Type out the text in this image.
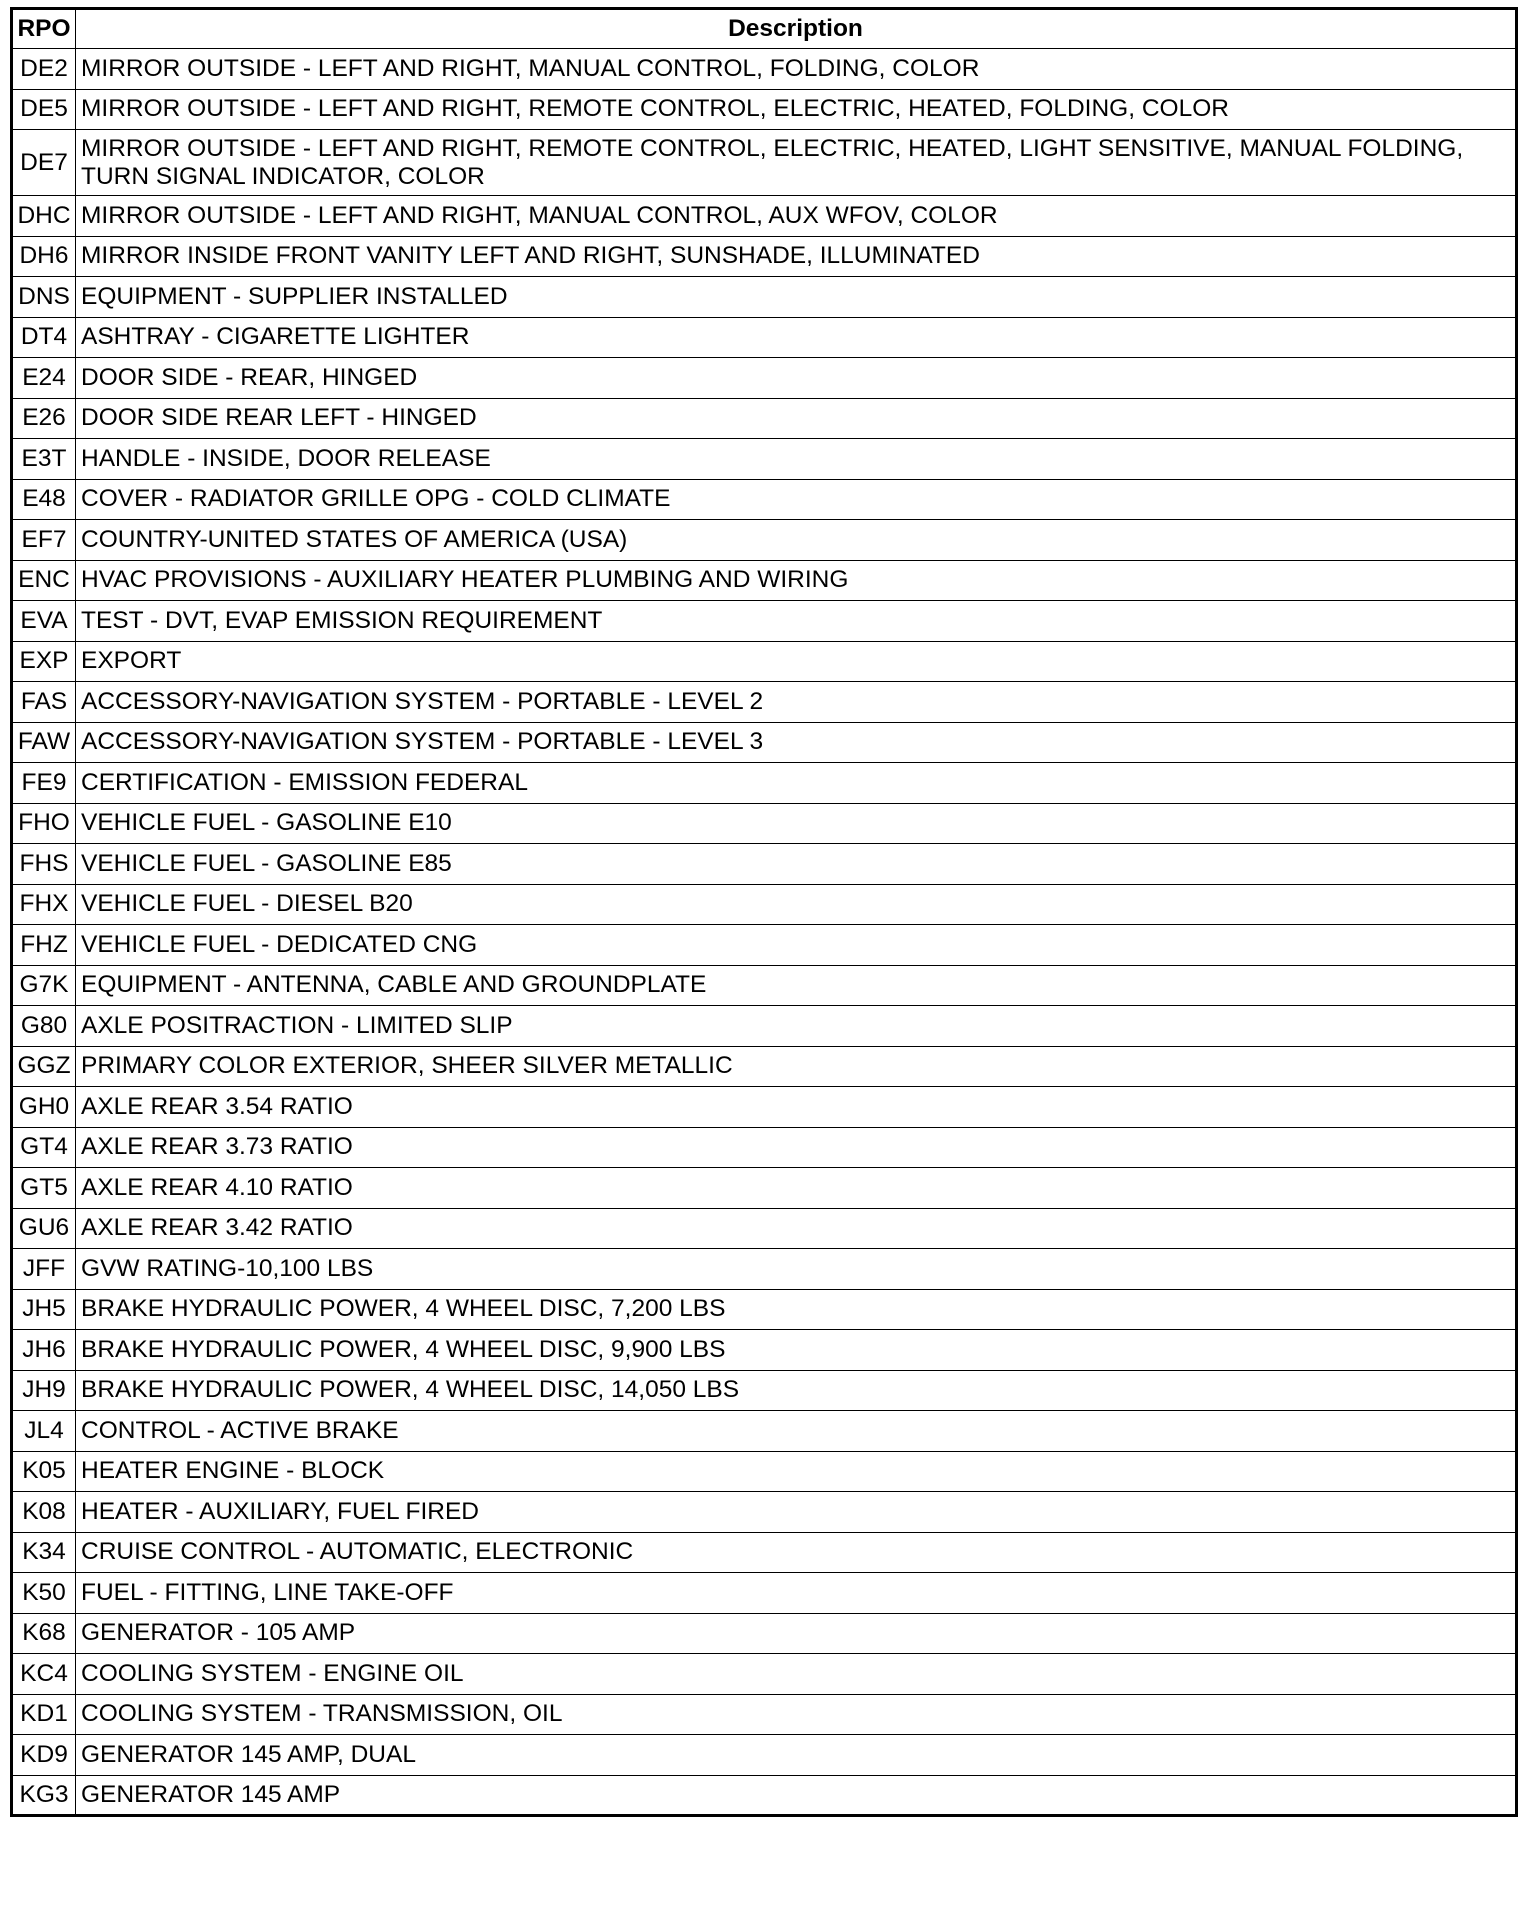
RPO	Description
DE2	MIRROR OUTSIDE - LEFT AND RIGHT, MANUAL CONTROL, FOLDING, COLOR
DE5	MIRROR OUTSIDE - LEFT AND RIGHT, REMOTE CONTROL, ELECTRIC, HEATED, FOLDING, COLOR
DE7	MIRROR OUTSIDE - LEFT AND RIGHT, REMOTE CONTROL, ELECTRIC, HEATED, LIGHT SENSITIVE, MANUAL FOLDING, TURN SIGNAL INDICATOR, COLOR
DHC	MIRROR OUTSIDE - LEFT AND RIGHT, MANUAL CONTROL, AUX WFOV, COLOR
DH6	MIRROR INSIDE FRONT VANITY LEFT AND RIGHT, SUNSHADE, ILLUMINATED
DNS	EQUIPMENT - SUPPLIER INSTALLED
DT4	ASHTRAY - CIGARETTE LIGHTER
E24	DOOR SIDE - REAR, HINGED
E26	DOOR SIDE REAR LEFT - HINGED
E3T	HANDLE - INSIDE, DOOR RELEASE
E48	COVER - RADIATOR GRILLE OPG - COLD CLIMATE
EF7	COUNTRY-UNITED STATES OF AMERICA (USA)
ENC	HVAC PROVISIONS - AUXILIARY HEATER PLUMBING AND WIRING
EVA	TEST - DVT, EVAP EMISSION REQUIREMENT
EXP	EXPORT
FAS	ACCESSORY-NAVIGATION SYSTEM - PORTABLE - LEVEL 2
FAW	ACCESSORY-NAVIGATION SYSTEM - PORTABLE - LEVEL 3
FE9	CERTIFICATION - EMISSION FEDERAL
FHO	VEHICLE FUEL - GASOLINE E10
FHS	VEHICLE FUEL - GASOLINE E85
FHX	VEHICLE FUEL - DIESEL B20
FHZ	VEHICLE FUEL - DEDICATED CNG
G7K	EQUIPMENT - ANTENNA, CABLE AND GROUNDPLATE
G80	AXLE POSITRACTION - LIMITED SLIP
GGZ	PRIMARY COLOR EXTERIOR, SHEER SILVER METALLIC
GH0	AXLE REAR 3.54 RATIO
GT4	AXLE REAR 3.73 RATIO
GT5	AXLE REAR 4.10 RATIO
GU6	AXLE REAR 3.42 RATIO
JFF	GVW RATING-10,100 LBS
JH5	BRAKE HYDRAULIC POWER, 4 WHEEL DISC, 7,200 LBS
JH6	BRAKE HYDRAULIC POWER, 4 WHEEL DISC, 9,900 LBS
JH9	BRAKE HYDRAULIC POWER, 4 WHEEL DISC, 14,050 LBS
JL4	CONTROL - ACTIVE BRAKE
K05	HEATER ENGINE - BLOCK
K08	HEATER - AUXILIARY, FUEL FIRED
K34	CRUISE CONTROL - AUTOMATIC, ELECTRONIC
K50	FUEL - FITTING, LINE TAKE-OFF
K68	GENERATOR - 105 AMP
KC4	COOLING SYSTEM - ENGINE OIL
KD1	COOLING SYSTEM - TRANSMISSION, OIL
KD9	GENERATOR 145 AMP, DUAL
KG3	GENERATOR 145 AMP
